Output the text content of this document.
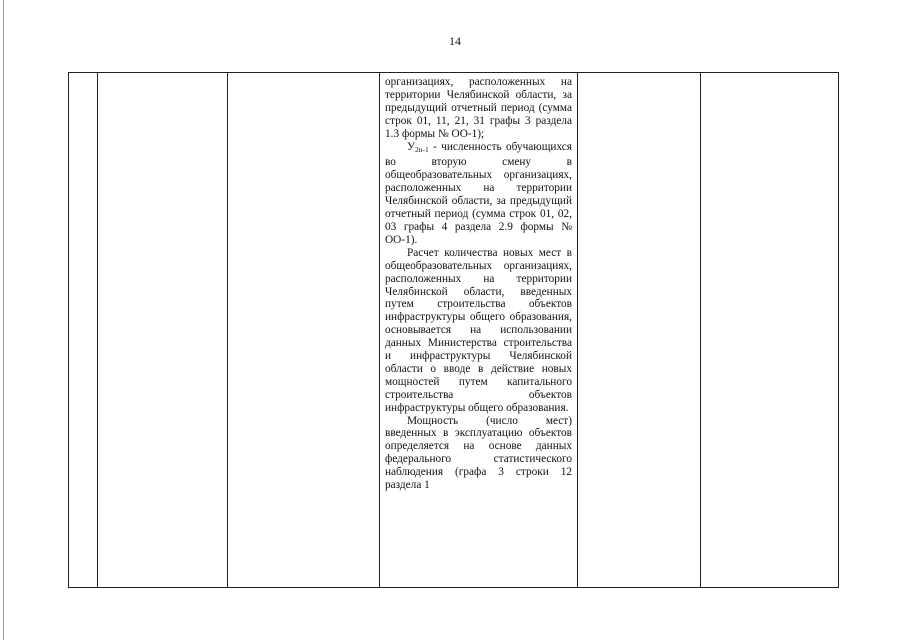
14

организациях, расположенных на территории Челябинской области, за предыдущий отчетный период (сумма строк 01, 11, 21, 31 графы 3 раздела 1.3 формы № ОО-1);

$У_{2n-1}$ - численность обучающихся во вторую смену в общеобразовательных организациях, расположенных на территории Челябинской области, за предыдущий отчетный период (сумма строк 01, 02, 03 графы 4 раздела 2.9 формы № ОО-1).

Расчет количества новых мест в общеобразовательных организациях, расположенных на территории Челябинской области, введенных путем строительства объектов инфраструктуры общего образования, основывается на использовании данных Министерства строительства и инфраструктуры Челябинской области о вводе в действие новых мощностей путем капитального строительства объектов инфраструктуры общего образования.

Мощность (число мест) введенных в эксплуатацию объектов определяется на основе данных федерального статистического наблюдения (графа 3 строки 12 раздела 1
